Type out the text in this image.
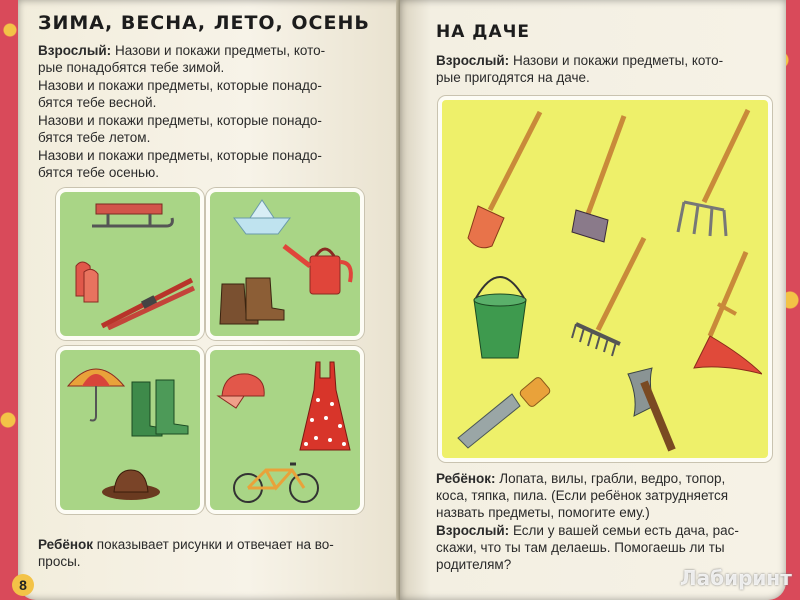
ЗИМА, ВЕСНА, ЛЕТО, ОСЕНЬ
Взрослый: Назови и покажи предметы, кото-
рые понадобятся тебе зимой.
Назови и покажи предметы, которые понадо-
бятся тебе весной.
Назови и покажи предметы, которые понадо-
бятся тебе летом.
Назови и покажи предметы, которые понадо-
бятся тебе осенью.
Ребёнок показывает рисунки и отвечает на во-
просы.
8
НА ДАЧЕ
Взрослый: Назови и покажи предметы, кото-
рые пригодятся на даче.
Ребёнок: Лопата, вилы, грабли, ведро, топор,
коса, тяпка, пила. (Если ребёнок затрудняется
назвать предметы, помогите ему.)
Взрослый: Если у вашей семьи есть дача, рас-
скажи, что ты там делаешь. Помогаешь ли ты
родителям?
Лабиринт
